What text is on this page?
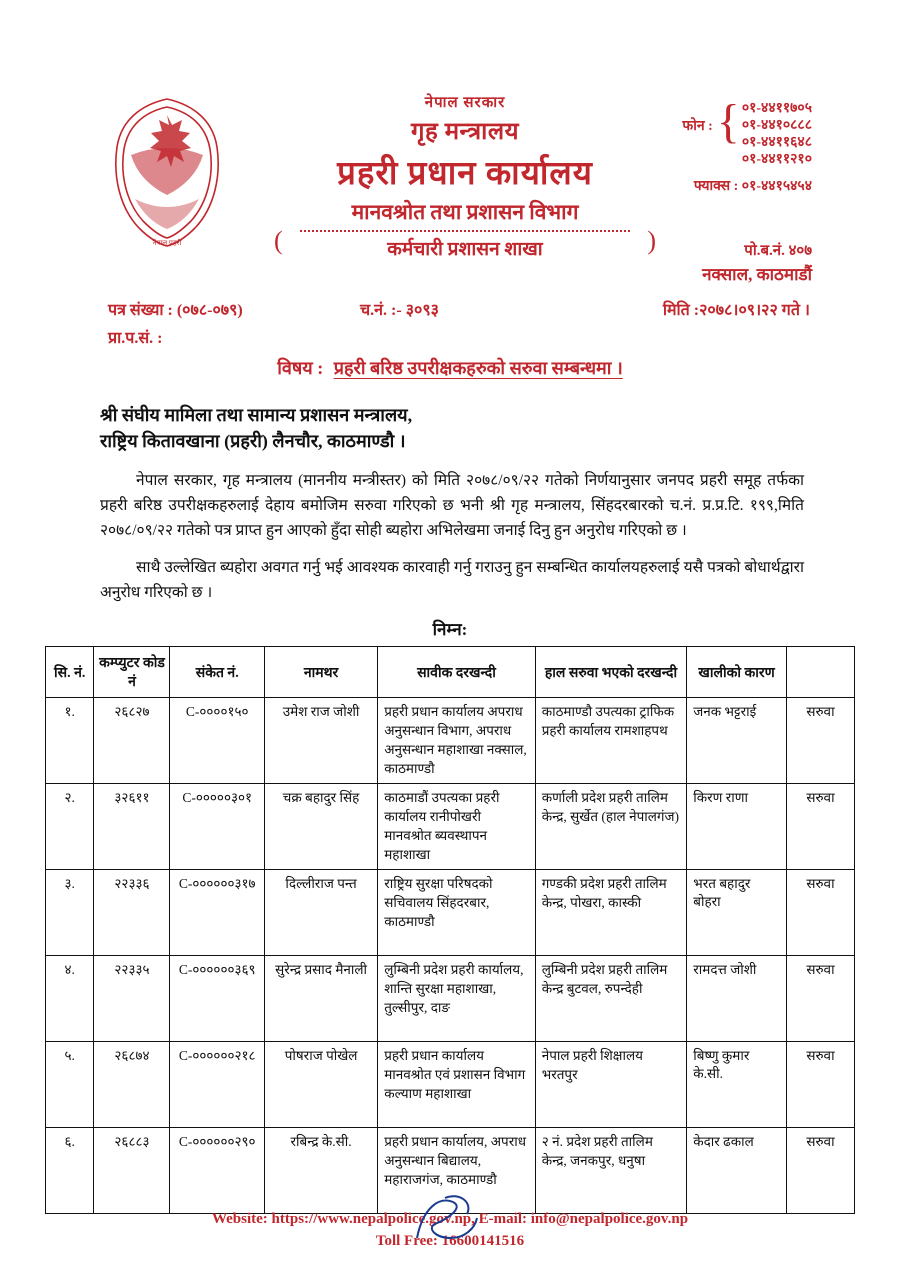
नेपाल प्रहरी
नेपाल सरकार
गृह मन्त्रालय
प्रहरी प्रधान कार्यालय
मानवश्रोत तथा प्रशासन विभाग
(	)
कर्मचारी प्रशासन शाखा
फोन : { ०१-४४११७०५
०१-४४१०८८८
०१-४४११६४८
०१-४४११२१०
फ्याक्स : ०१-४४१५४५४
पो.ब.नं. ४०७
नक्साल, काठमाडौं
पत्र संख्या : (०७८-०७९)	च.नं. :- ३०९३	मिति :२०७८।०९।२२ गते ।
प्रा.प.सं. :
विषय : प्रहरी बरिष्ठ उपरीक्षकहरुको सरुवा सम्बन्धमा ।
श्री संघीय मामिला तथा सामान्य प्रशासन मन्त्रालय,
राष्ट्रिय कितावखाना (प्रहरी) लैनचौर, काठमाण्डौ ।

नेपाल सरकार, गृह मन्त्रालय (माननीय मन्त्रीस्तर) को मिति २०७८/०९/२२ गतेको निर्णयानुसार जनपद प्रहरी समूह तर्फका प्रहरी बरिष्ठ उपरीक्षकहरुलाई देहाय बमोजिम सरुवा गरिएको छ भनी श्री गृह मन्त्रालय, सिंहदरबारको च.नं. प्र.प्र.टि. १९९,मिति २०७८/०९/२२ गतेको पत्र प्राप्त हुन आएको हुँदा सोही ब्यहोरा अभिलेखमा जनाई दिनु हुन अनुरोध गरिएको छ ।

साथै उल्लेखित ब्यहोरा अवगत गर्नु भई आवश्यक कारवाही गर्नु गराउनु हुन सम्बन्धित कार्यालयहरुलाई यसै पत्रको बोधार्थद्वारा अनुरोध गरिएको छ ।

निम्न:
सि. नं.	कम्प्युटर कोड नं	संकेत नं.	नामथर	सावीक दरखन्दी	हाल सरुवा भएको दरखन्दी	खालीको कारण	
१.	२६८२७	C-००००१५०	उमेश राज जोशी	प्रहरी प्रधान कार्यालय अपराध अनुसन्धान विभाग, अपराध अनुसन्धान महाशाखा नक्साल, काठमाण्डौ	काठमाण्डौ उपत्यका ट्राफिक प्रहरी कार्यालय रामशाहपथ	जनक भट्टराई	सरुवा
२.	३२६११	C-०००००३०१	चक्र बहादुर सिंह	काठमाडौं उपत्यका प्रहरी कार्यालय रानीपोखरी मानवश्रोत ब्यवस्थापन महाशाखा	कर्णाली प्रदेश प्रहरी तालिम केन्द्र, सुर्खेत (हाल नेपालगंज)	किरण राणा	सरुवा
३.	२२३३६	C-००००००३१७	दिल्लीराज पन्त	राष्ट्रिय सुरक्षा परिषदको सचिवालय सिंहदरबार, काठमाण्डौ	गण्डकी प्रदेश प्रहरी तालिम केन्द्र, पोखरा, कास्की	भरत बहादुर बोहरा	सरुवा
४.	२२३३५	C-००००००३६९	सुरेन्द्र प्रसाद मैनाली	लुम्बिनी प्रदेश प्रहरी कार्यालय, शान्ति सुरक्षा महाशाखा, तुल्सीपुर, दाङ	लुम्बिनी प्रदेश प्रहरी तालिम केन्द्र बुटवल, रुपन्देही	रामदत्त जोशी	सरुवा
५.	२६८७४	C-००००००२१८	पोषराज पोखेल	प्रहरी प्रधान कार्यालय मानवश्रोत एवं प्रशासन विभाग कल्याण महाशाखा	नेपाल प्रहरी शिक्षालय भरतपुर	बिष्णु कुमार के.सी.	सरुवा
६.	२६८८३	C-००००००२९०	रबिन्द्र के.सी.	प्रहरी प्रधान कार्यालय, अपराध अनुसन्धान बिद्यालय, महाराजगंज, काठमाण्डौ	२ नं. प्रदेश प्रहरी तालिम केन्द्र, जनकपुर, धनुषा	केदार ढकाल	सरुवा
Website: https://www.nepalpolice.gov.np, E-mail: info@nepalpolice.gov.np
Toll Free: 16600141516
